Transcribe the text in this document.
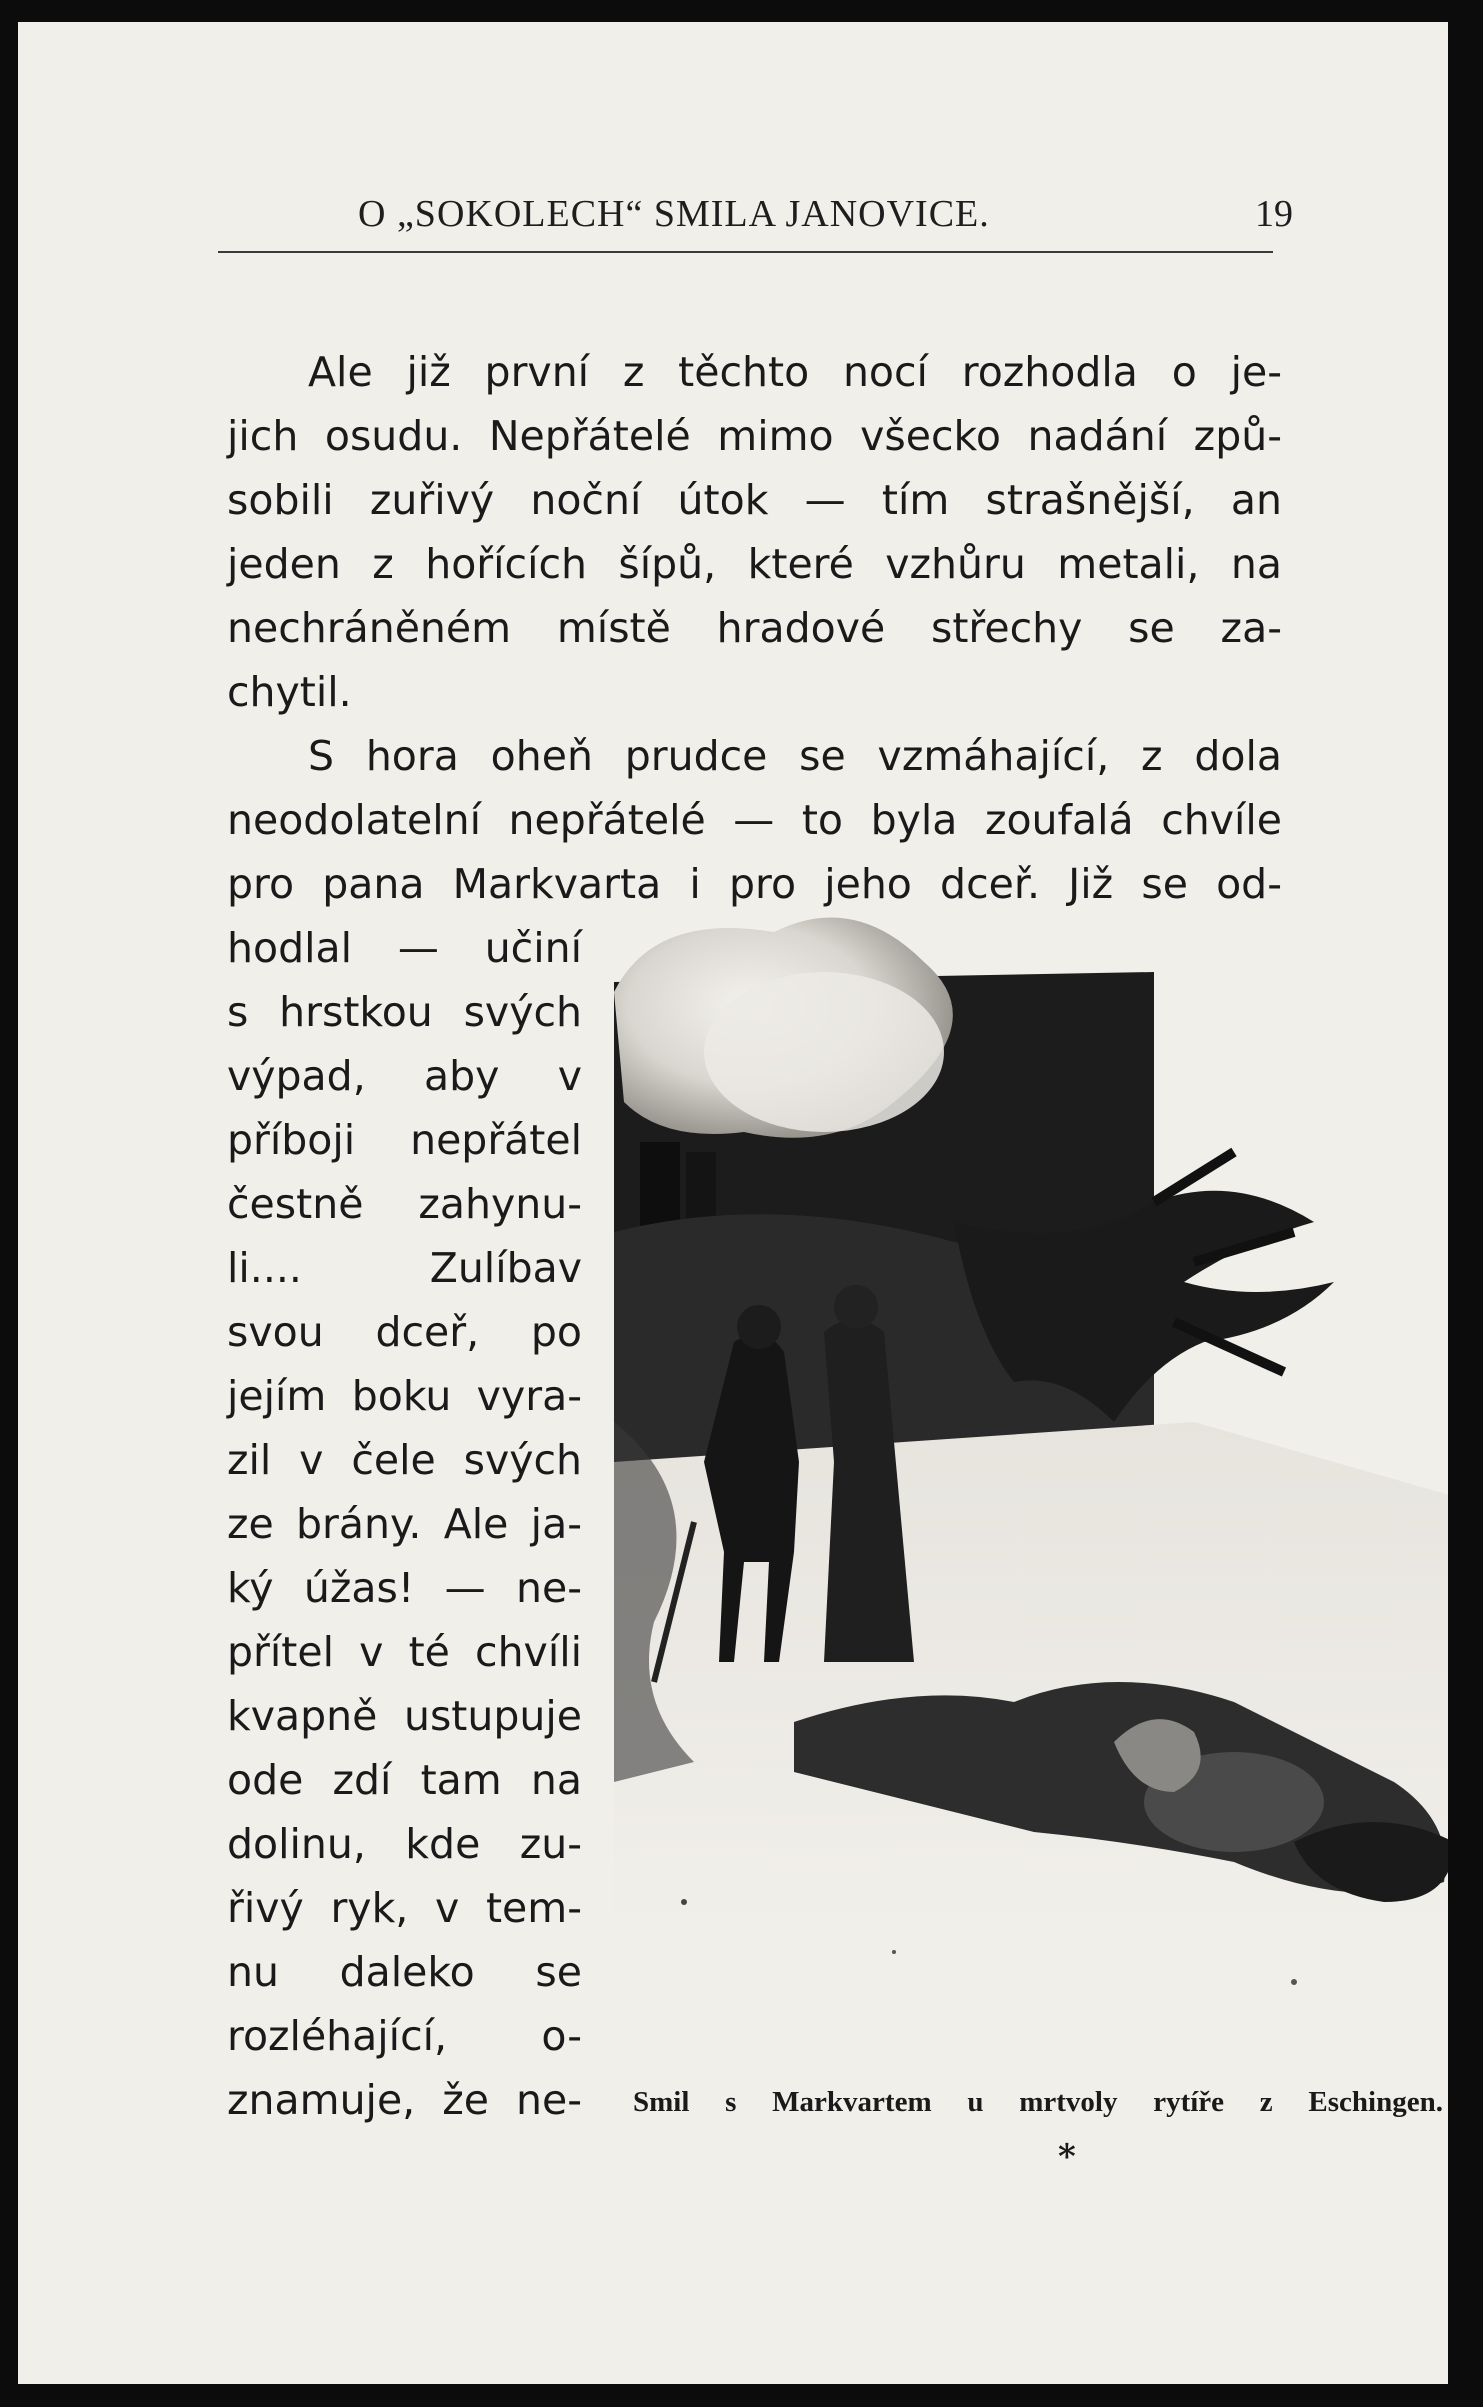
O „SOKOLECH“ SMILA JANOVICE.	19
Ale již první z těchto nocí rozhodla o je-
jich osudu. Nepřátelé mimo všecko nadání způ-
sobili zuřivý noční útok — tím strašnější, an
jeden z hořících šípů, které vzhůru metali, na
nechráněném místě hradové střechy se za-
chytil.
S hora oheň prudce se vzmáhající, z dola
neodolatelní nepřátelé — to byla zoufalá chvíle
pro pana Markvarta i pro jeho dceř. Již se od-
hodlal — učiní
s hrstkou svých
výpad, aby v
příboji nepřátel
čestně zahynu-
li.... Zulíbav
svou dceř, po
jejím boku vyra-
zil v čele svých
ze brány. Ale ja-
ký úžas! — ne-
přítel v té chvíli
kvapně ustupuje
ode zdí tam na
dolinu, kde zu-
řivý ryk, v tem-
nu daleko se
rozléhající, o-
znamuje, že ne- Smil s Markvartem u mrtvoly rytíře z Eschingen.
*
